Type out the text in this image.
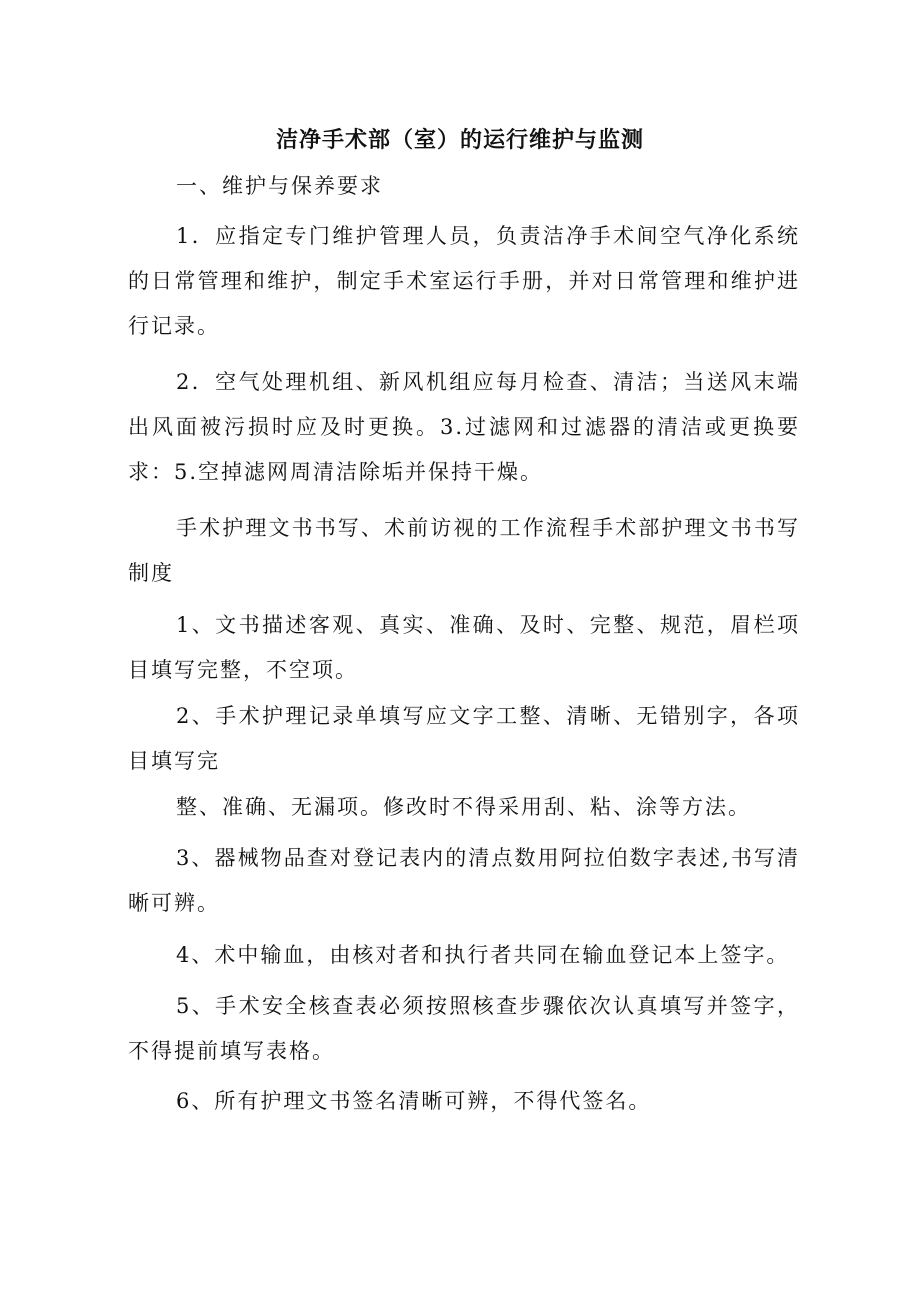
洁净手术部（室）的运行维护与监测
一、维护与保养要求

1．应指定专门维护管理人员，负责洁净手术间空气净化系统的日常管理和维护，制定手术室运行手册，并对日常管理和维护进行记录。

2．空气处理机组、新风机组应每月检查、清洁；当送风末端出风面被污损时应及时更换。3.过滤网和过滤器的清洁或更换要求：5.空掉滤网周清洁除垢并保持干燥。

手术护理文书书写、术前访视的工作流程手术部护理文书书写制度

1、文书描述客观、真实、准确、及时、完整、规范，眉栏项目填写完整，不空项。

2、手术护理记录单填写应文字工整、清晰、无错别字，各项目填写完

整、准确、无漏项。修改时不得采用刮、粘、涂等方法。

3、器械物品查对登记表内的清点数用阿拉伯数字表述,书写清晰可辨。

4、术中输血，由核对者和执行者共同在输血登记本上签字。

5、手术安全核查表必须按照核查步骤依次认真填写并签字，不得提前填写表格。

6、所有护理文书签名清晰可辨，不得代签名。
